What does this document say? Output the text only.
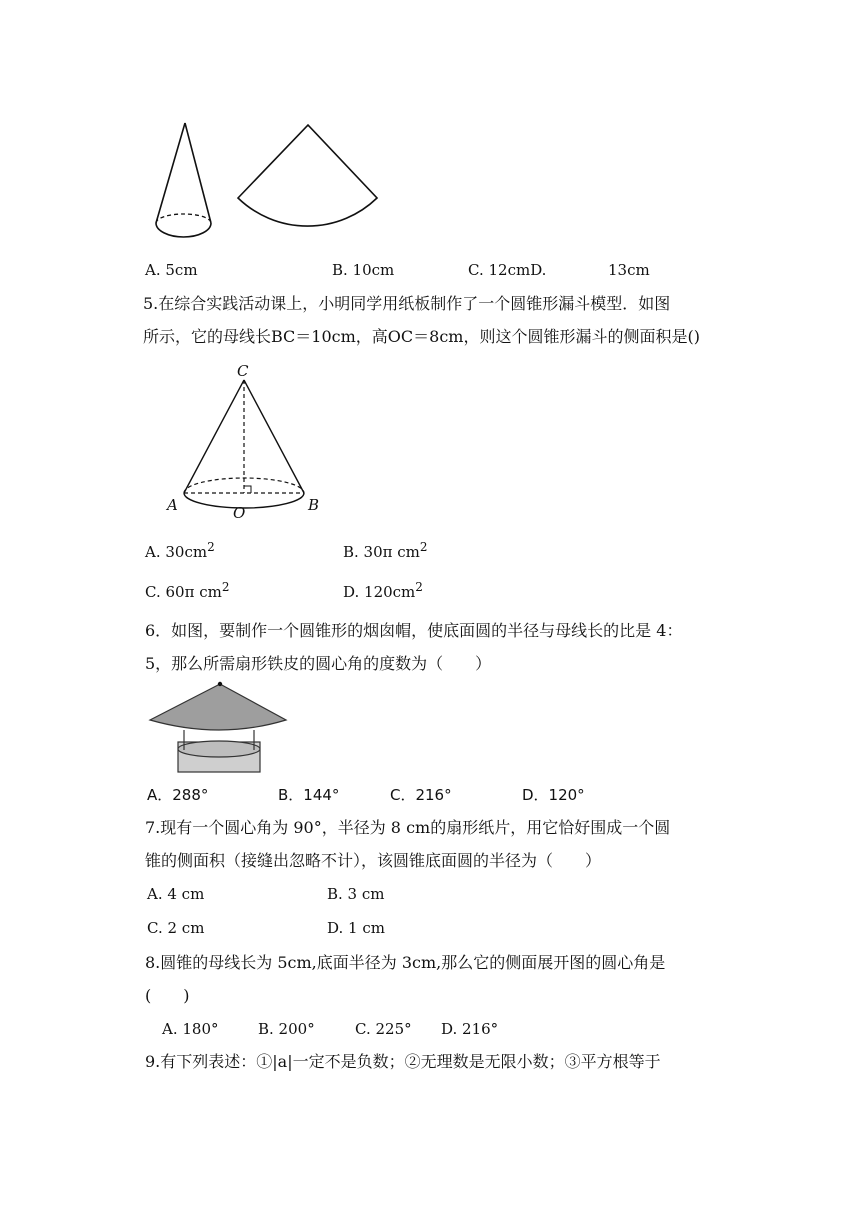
A. 5cm	B. 10cm	C. 12cmD.	13cm
5.在综合实践活动课上，小明同学用纸板制作了一个圆锥形漏斗模型．如图
所示，它的母线长BC＝10cm，高OC＝8cm，则这个圆锥形漏斗的侧面积是()
C
A	O	B
A. $30cm^2$	B. 30π $cm^2$
C. 60π $cm^2$	D. $120cm^2$
6．如图，要制作一个圆锥形的烟囱帽，使底面圆的半径与母线长的比是 4：
5，那么所需扇形铁皮的圆心角的度数为（　　）
A．288°	B．144°	C．216°	D．120°
7.现有一个圆心角为 90°，半径为 8 cm的扇形纸片，用它恰好围成一个圆
锥的侧面积（接缝出忽略不计），该圆锥底面圆的半径为（　　）
A. 4 cm	B. 3 cm
C. 2 cm	D. 1 cm
8.圆锥的母线长为 5cm,底面半径为 3cm,那么它的侧面展开图的圆心角是
(　　)
A. 180°	B. 200°	C. 225° D. 216°
9.有下列表述：①|a|一定不是负数；②无理数是无限小数；③平方根等于
